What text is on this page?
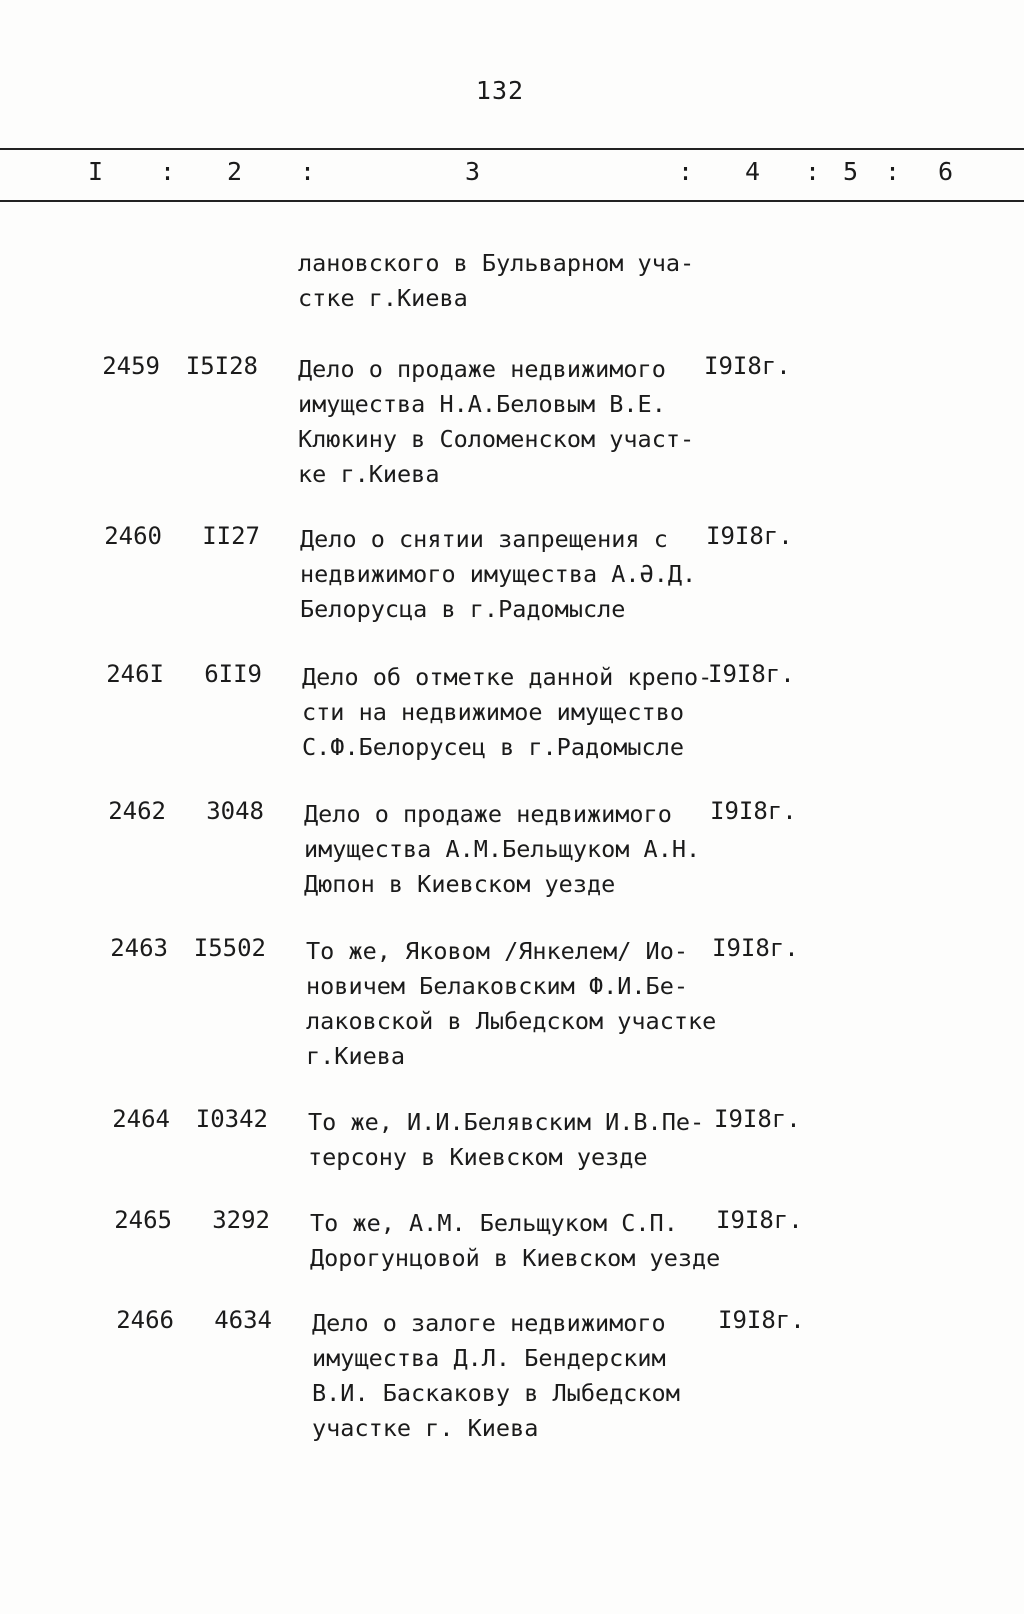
132
I : 2 :	3	: 4 : 5 : 6
лановского в Бульварном уча-
стке г.Киева
2459	I5I28 Дело о продаже недвижимого
имущества Н.А.Беловым В.Е.
Клюкину в Соломенском участ-
ке г.Киева
I9I8г.
2460	II27 Дело о снятии запрещения с
недвижимого имущества А.Ә.Д.
Белорусца в г.Радомысле
I9I8г.
246I	6II9 Дело об отметке данной крепо-
сти на недвижимое имущество
С.Ф.Белорусец в г.Радомысле
I9I8г.
2462	3048 Дело о продаже недвижимого
имущества А.М.Бельщуком А.Н.
Дюпон в Киевском уезде
I9I8г.
2463	I5502 То же, Яковом /Янкелем/ Ио-
новичем Белаковским Ф.И.Бе-
лаковской в Лыбедском участке
г.Киева
I9I8г.
2464	I0342 То же, И.И.Белявским И.В.Пе-
терсону в Киевском уезде
I9I8г.
2465	3292 То же, А.М. Бельщуком С.П.
Дорогунцовой в Киевском уезде
I9I8г.
2466	4634 Дело о залоге недвижимого
имущества Д.Л. Бендерским
В.И. Баскакову в Лыбедском
участке г. Киева
I9I8г.
